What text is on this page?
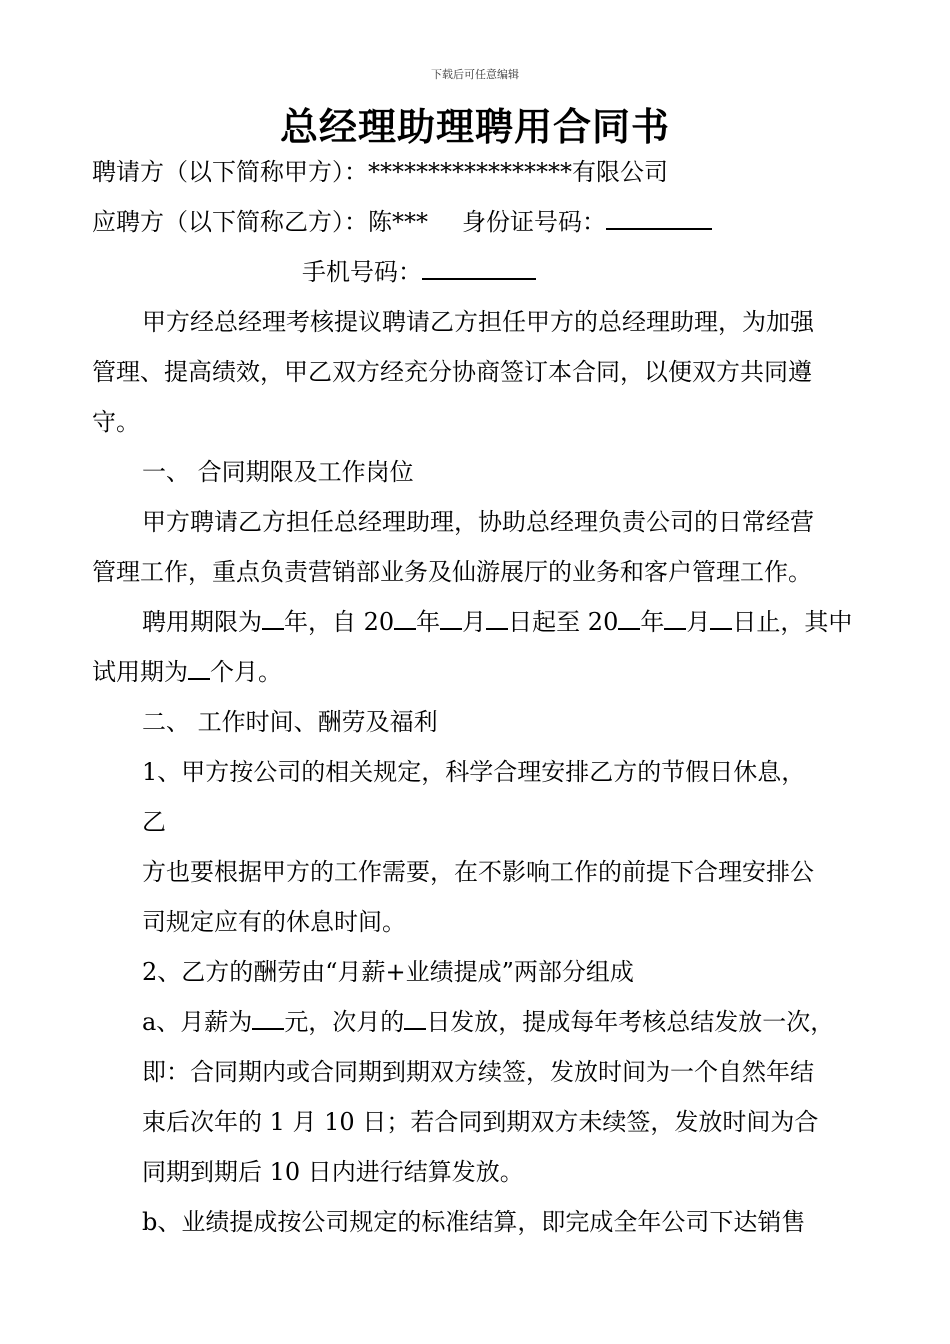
下载后可任意编辑
总经理助理聘用合同书
聘请方（以下简称甲方）：*****************有限公司
应聘方（以下简称乙方）：陈*** 身份证号码：
手机号码：
甲方经总经理考核提议聘请乙方担任甲方的总经理助理，为加强
管理、提高绩效，甲乙双方经充分协商签订本合同，以便双方共同遵
守。
一、 合同期限及工作岗位
甲方聘请乙方担任总经理助理，协助总经理负责公司的日常经营
管理工作，重点负责营销部业务及仙游展厅的业务和客户管理工作。
聘用期限为 年，自 20 年 月 日起至 20 年 月 日止，其中
试用期为 个月。
二、 工作时间、酬劳及福利
1、甲方按公司的相关规定，科学合理安排乙方的节假日休息，
乙
方也要根据甲方的工作需要，在不影响工作的前提下合理安排公
司规定应有的休息时间。
2、乙方的酬劳由“月薪+业绩提成”两部分组成
a、月薪为 元，次月的 日发放，提成每年考核总结发放一次，
即：合同期内或合同期到期双方续签，发放时间为一个自然年结
束后次年的 1 月 10 日；若合同到期双方未续签，发放时间为合
同期到期后 10 日内进行结算发放。
b、业绩提成按公司规定的标准结算，即完成全年公司下达销售
